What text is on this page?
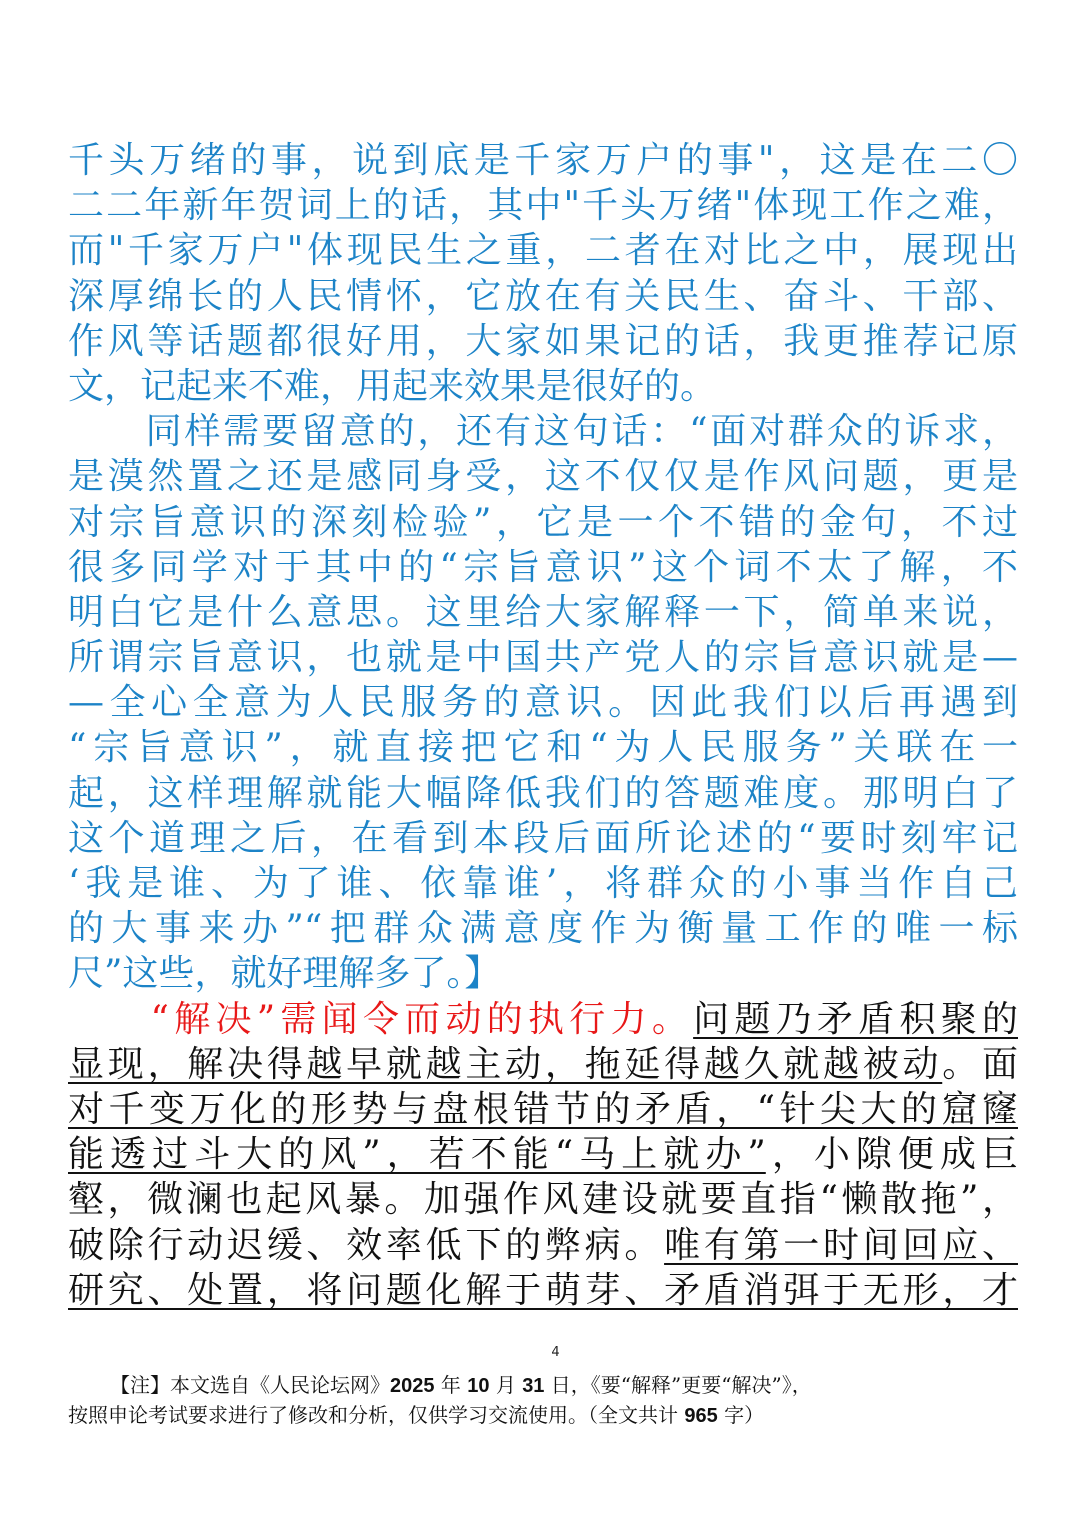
千头万绪的事，说到底是千家万户的事"，这是在二〇
二二年新年贺词上的话，其中"千头万绪"体现工作之难，
而"千家万户"体现民生之重，二者在对比之中，展现出
深厚绵长的人民情怀，它放在有关民生、奋斗、干部、
作风等话题都很好用，大家如果记的话，我更推荐记原
文，记起来不难，用起来效果是很好的。
　　同样需要留意的，还有这句话：“面对群众的诉求，
是漠然置之还是感同身受，这不仅仅是作风问题，更是
对宗旨意识的深刻检验”，它是一个不错的金句，不过
很多同学对于其中的“宗旨意识”这个词不太了解，不
明白它是什么意思。这里给大家解释一下，简单来说，
所谓宗旨意识，也就是中国共产党人的宗旨意识就是—
—全心全意为人民服务的意识。因此我们以后再遇到
“宗旨意识”，就直接把它和“为人民服务”关联在一
起，这样理解就能大幅降低我们的答题难度。那明白了
这个道理之后，在看到本段后面所论述的“要时刻牢记
‘我是谁、为了谁、依靠谁’，将群众的小事当作自己
的大事来办”“把群众满意度作为衡量工作的唯一标
尺”这些，就好理解多了。】
　　“解决”需闻令而动的执行力。问题乃矛盾积聚的
显现，解决得越早就越主动，拖延得越久就越被动。面
对千变万化的形势与盘根错节的矛盾，“针尖大的窟窿
能透过斗大的风”，若不能“马上就办”，小隙便成巨
壑，微澜也起风暴。加强作风建设就要直指“懒散拖”，
破除行动迟缓、效率低下的弊病。唯有第一时间回应、
研究、处置，将问题化解于萌芽、矛盾消弭于无形，才
4
【注】本文选自《人民论坛网》2025 年 10 月 31 日，《要“解释”更要“解决”》，
按照申论考试要求进行了修改和分析，仅供学习交流使用。（全文共计 965 字）
